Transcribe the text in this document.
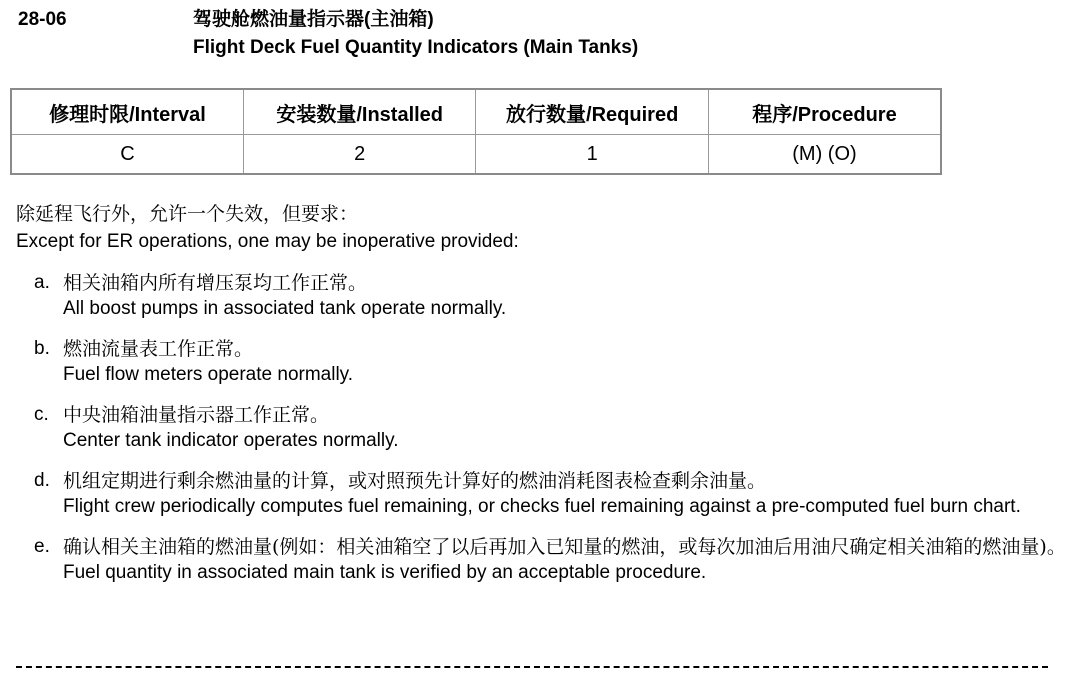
28-06	驾驶舱燃油量指示器(主油箱)
Flight Deck Fuel Quantity Indicators (Main Tanks)
修理时限/Interval	安装数量/Installed	放行数量/Required	程序/Procedure
C	2	1	(M) (O)
除延程飞行外，允许一个失效，但要求：
Except for ER operations, one may be inoperative provided:
a. 相关油箱内所有增压泵均工作正常。
All boost pumps in associated tank operate normally.
b. 燃油流量表工作正常。
Fuel flow meters operate normally.
c. 中央油箱油量指示器工作正常。
Center tank indicator operates normally.
d. 机组定期进行剩余燃油量的计算，或对照预先计算好的燃油消耗图表检查剩余油量。
Flight crew periodically computes fuel remaining, or checks fuel remaining against a pre-computed fuel burn chart.
e. 确认相关主油箱的燃油量(例如：相关油箱空了以后再加入已知量的燃油，或每次加油后用油尺确定相关油箱的燃油量)。
Fuel quantity in associated main tank is verified by an acceptable procedure.
